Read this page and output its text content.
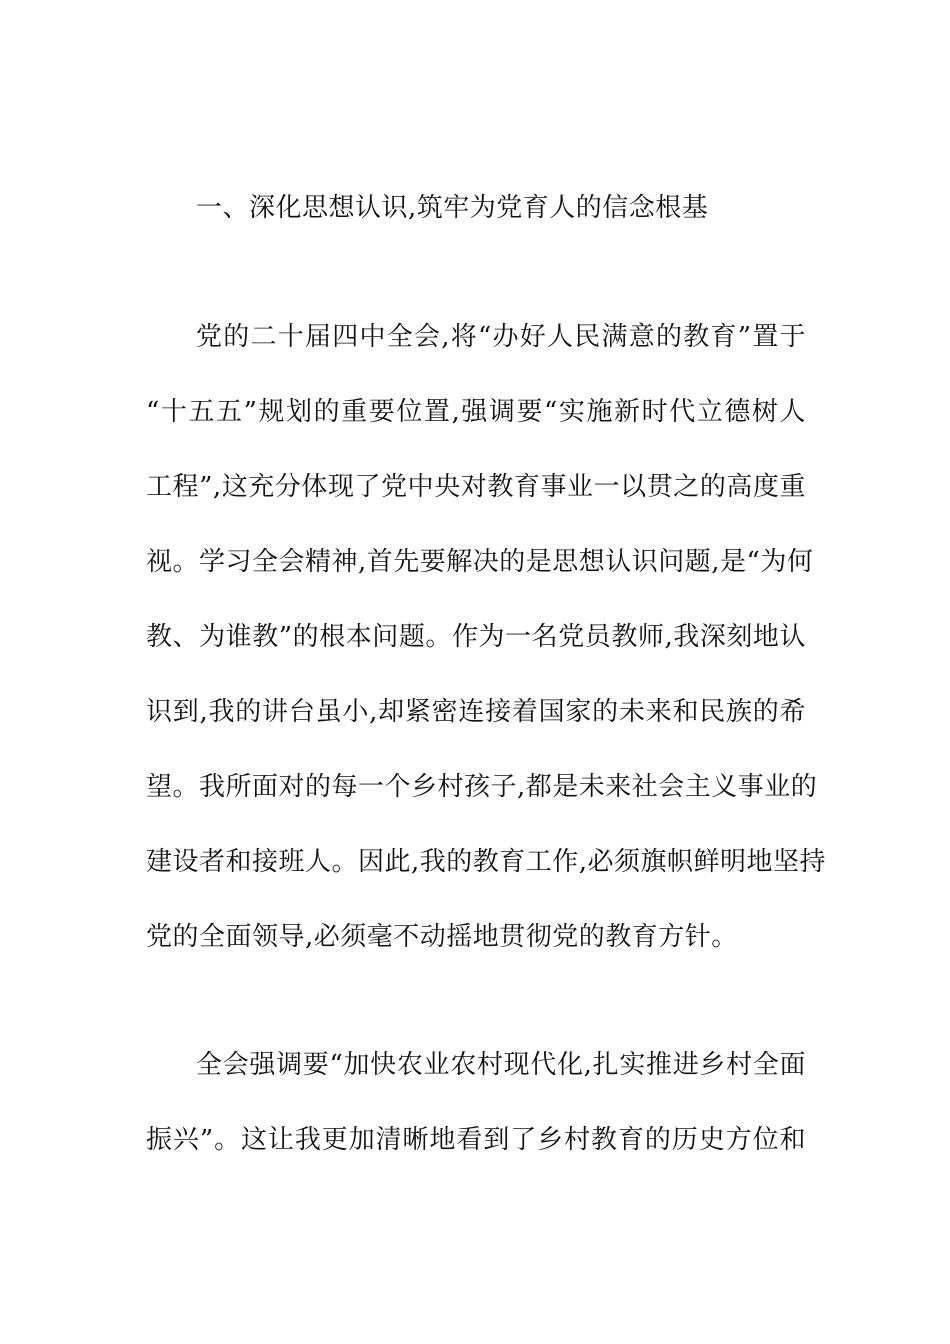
一、深化思想认识,筑牢为党育人的信念根基
党的二十届四中全会,将“办好人民满意的教育”置于
“十五五”规划的重要位置,强调要“实施新时代立德树人
工程”,这充分体现了党中央对教育事业一以贯之的高度重
视。学习全会精神,首先要解决的是思想认识问题,是“为何
教、为谁教”的根本问题。作为一名党员教师,我深刻地认
识到,我的讲台虽小,却紧密连接着国家的未来和民族的希
望。我所面对的每一个乡村孩子,都是未来社会主义事业的
建设者和接班人。因此,我的教育工作,必须旗帜鲜明地坚持
党的全面领导,必须毫不动摇地贯彻党的教育方针。
全会强调要“加快农业农村现代化,扎实推进乡村全面
振兴”。这让我更加清晰地看到了乡村教育的历史方位和
